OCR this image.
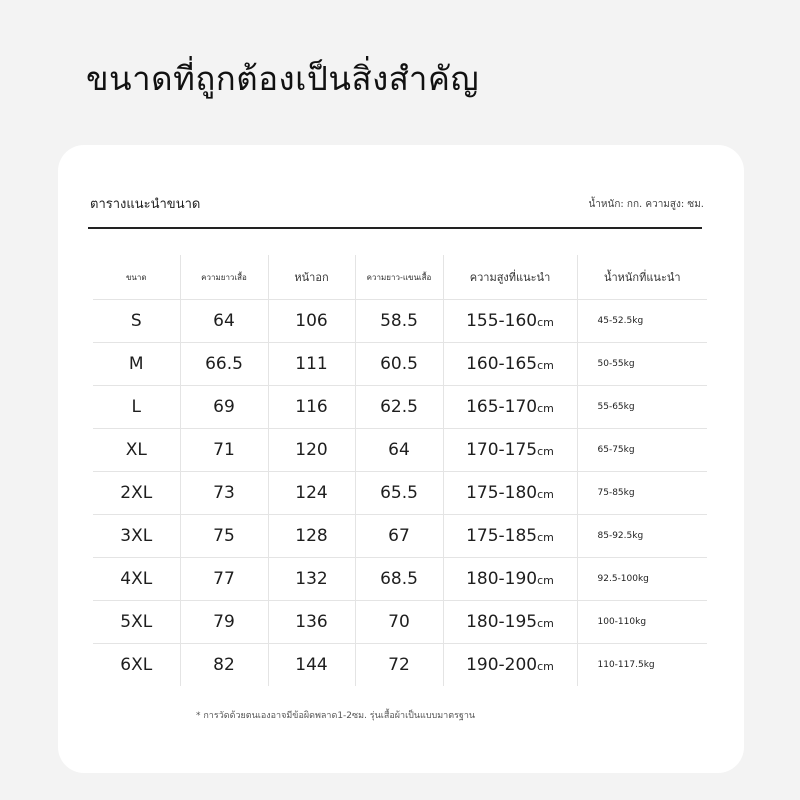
ขนาดที่ถูกต้องเป็นสิ่งสำคัญ
ตารางแนะนำขนาด	น้ำหนัก: กก. ความสูง: ซม.
ขนาด	ความยาวเสื้อ	หน้าอก	ความยาว-แขนเสื้อ	ความสูงที่แนะนำ	น้ำหนักที่แนะนำ
S	64	106	58.5	155-160cm	45-52.5kg
M	66.5	111	60.5	160-165cm	50-55kg
L	69	116	62.5	165-170cm	55-65kg
XL	71	120	64	170-175cm	65-75kg
2XL	73	124	65.5	175-180cm	75-85kg
3XL	75	128	67	175-185cm	85-92.5kg
4XL	77	132	68.5	180-190cm	92.5-100kg
5XL	79	136	70	180-195cm	100-110kg
6XL	82	144	72	190-200cm	110-117.5kg
* การวัดด้วยตนเองอาจมีข้อผิดพลาด1-2ซม. รุ่นเสื้อผ้าเป็นแบบมาตรฐาน
